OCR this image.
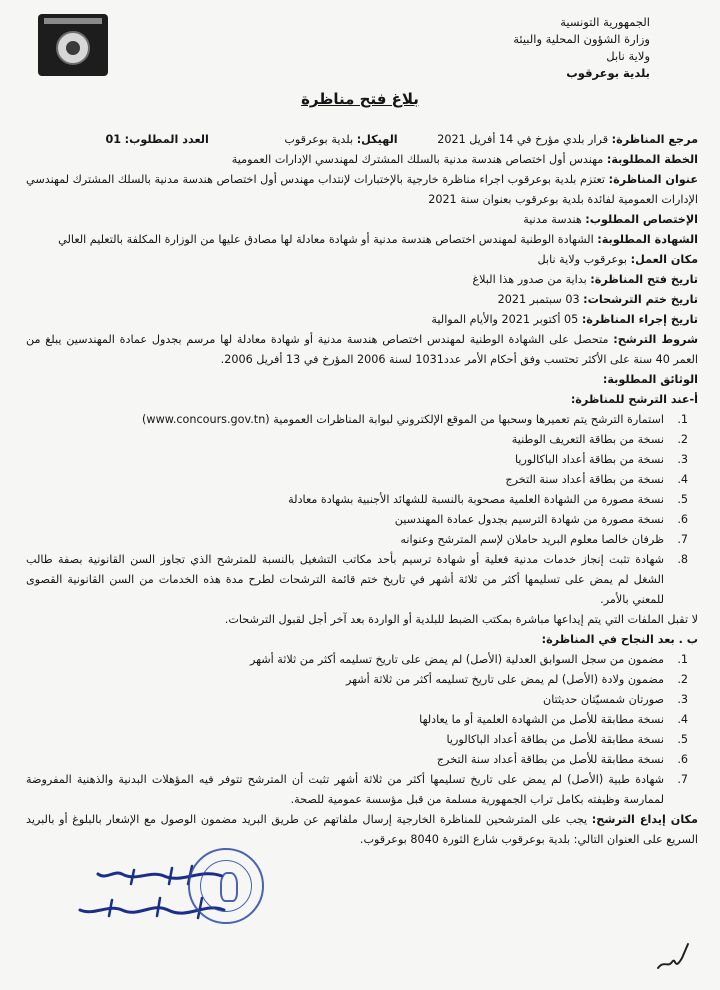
الجمهورية التونسية
وزارة الشؤون المحلية والبيئة
ولاية نابل
بلدية بوعرقوب
بلاغ فتح مناظرة
مرجع المناظرة: قرار بلدي مؤرخ في 14 أفريل 2021 الهيكل: بلدية بوعرقوب العدد المطلوب: 01
الخطة المطلوبة: مهندس أول اختصاص هندسة مدنية بالسلك المشترك لمهندسي الإدارات العمومية
عنوان المناظرة: تعتزم بلدية بوعرقوب اجراء مناظرة خارجية بالإختبارات لإنتداب مهندس أول اختصاص هندسة مدنية بالسلك المشترك لمهندسي الإدارات العمومية لفائدة بلدية بوعرقوب بعنوان سنة 2021
الإختصاص المطلوب: هندسة مدنية
الشهادة المطلوبة: الشهادة الوطنية لمهندس اختصاص هندسة مدنية أو شهادة معادلة لها مصادق عليها من الوزارة المكلفة بالتعليم العالي
مكان العمل: بوعرقوب ولاية نابل
تاريخ فتح المناظرة: بداية من صدور هذا البلاغ
تاريخ ختم الترشحات: 03 سبتمبر 2021
تاريخ إجراء المناظرة: 05 أكتوبر 2021 والأيام الموالية
شروط الترشح: متحصل على الشهادة الوطنية لمهندس اختصاص هندسة مدنية أو شهادة معادلة لها مرسم بجدول عمادة المهندسين يبلغ من العمر 40 سنة على الأكثر تحتسب وفق أحكام الأمر عدد1031 لسنة 2006 المؤرخ في 13 أفريل 2006.
الوثائق المطلوبة:
أ-عند الترشح للمناظرة:
1.
استمارة الترشح يتم تعميرها وسحبها من الموقع الإلكتروني لبوابة المناظرات العمومية (www.concours.gov.tn)
2.
نسخة من بطاقة التعريف الوطنية
3.
نسخة من بطاقة أعداد الباكالوريا
4.
نسخة من بطاقة أعداد سنة التخرج
5.
نسخة مصورة من الشهادة العلمية مصحوبة بالنسبة للشهائد الأجنبية بشهادة معادلة
6.
نسخة مصورة من شهادة الترسيم بجدول عمادة المهندسين
7.
ظرفان خالصا معلوم البريد حاملان لإسم المترشح وعنوانه
8.
شهادة تثبت إنجاز خدمات مدنية فعلية أو شهادة ترسيم بأحد مكاتب التشغيل بالنسبة للمترشح الذي تجاوز السن القانونية بصفة طالب الشغل لم يمض على تسليمها أكثر من ثلاثة أشهر في تاريخ ختم قائمة الترشحات لطرح مدة هذه الخدمات من السن القانونية القصوى للمعني بالأمر.
لا تقبل الملفات التي يتم إيداعها مباشرة بمكتب الضبط للبلدية أو الواردة بعد آخر أجل لقبول الترشحات.
ب . بعد النجاح في المناظرة:
1.
مضمون من سجل السوابق العدلية (الأصل) لم يمض على تاريخ تسليمه أكثر من ثلاثة أشهر
2.
مضمون ولادة (الأصل) لم يمض على تاريخ تسليمه أكثر من ثلاثة أشهر
3.
صورتان شمسيّتان حديثتان
4.
نسخة مطابقة للأصل من الشهادة العلمية أو ما يعادلها
5.
نسخة مطابقة للأصل من بطاقة أعداد الباكالوريا
6.
نسخة مطابقة للأصل من بطاقة أعداد سنة التخرج
7.
شهادة طبية (الأصل) لم يمض على تاريخ تسليمها أكثر من ثلاثة أشهر تثبت أن المترشح تتوفر فيه المؤهلات البدنية والذهنية المفروضة لممارسة وظيفته بكامل تراب الجمهورية مسلمة من قبل مؤسسة عمومية للصحة.
مكان إيداع الترشح: يجب على المترشحين للمناظرة الخارجية إرسال ملفاتهم عن طريق البريد مضمون الوصول مع الإشعار بالبلوغ أو بالبريد السريع على العنوان التالي: بلدية بوعرقوب شارع الثورة 8040 بوعرقوب.
